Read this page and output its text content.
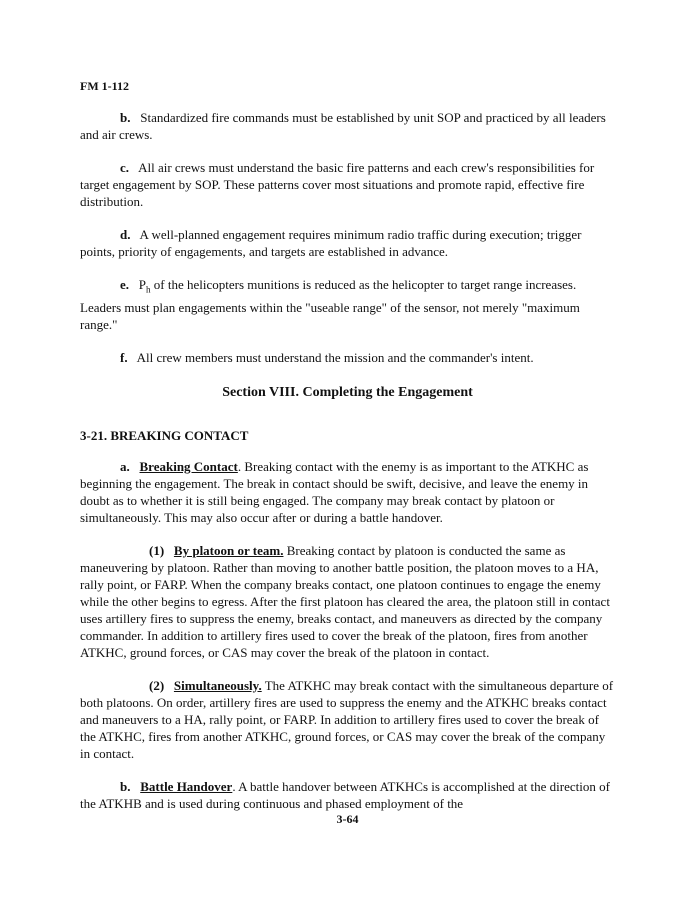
FM 1-112

b. Standardized fire commands must be established by unit SOP and practiced by all leaders and air crews.

c. All air crews must understand the basic fire patterns and each crew's responsibilities for target engagement by SOP. These patterns cover most situations and promote rapid, effective fire distribution.

d. A well-planned engagement requires minimum radio traffic during execution; trigger points, priority of engagements, and targets are established in advance.

e. $P_h$ of the helicopters munitions is reduced as the helicopter to target range increases. Leaders must plan engagements within the "useable range" of the sensor, not merely "maximum range."

f. All crew members must understand the mission and the commander's intent.

Section VIII. Completing the Engagement
3-21. BREAKING CONTACT

a. Breaking Contact. Breaking contact with the enemy is as important to the ATKHC as beginning the engagement. The break in contact should be swift, decisive, and leave the enemy in doubt as to whether it is still being engaged. The company may break contact by platoon or simultaneously. This may also occur after or during a battle handover.

(1) By platoon or team. Breaking contact by platoon is conducted the same as maneuvering by platoon. Rather than moving to another battle position, the platoon moves to a HA, rally point, or FARP. When the company breaks contact, one platoon continues to engage the enemy while the other begins to egress. After the first platoon has cleared the area, the platoon still in contact uses artillery fires to suppress the enemy, breaks contact, and maneuvers as directed by the company commander. In addition to artillery fires used to cover the break of the platoon, fires from another ATKHC, ground forces, or CAS may cover the break of the platoon in contact.

(2) Simultaneously. The ATKHC may break contact with the simultaneous departure of both platoons. On order, artillery fires are used to suppress the enemy and the ATKHC breaks contact and maneuvers to a HA, rally point, or FARP. In addition to artillery fires used to cover the break of the ATKHC, fires from another ATKHC, ground forces, or CAS may cover the break of the company in contact.

b. Battle Handover. A battle handover between ATKHCs is accomplished at the direction of the ATKHB and is used during continuous and phased employment of the

3-64
